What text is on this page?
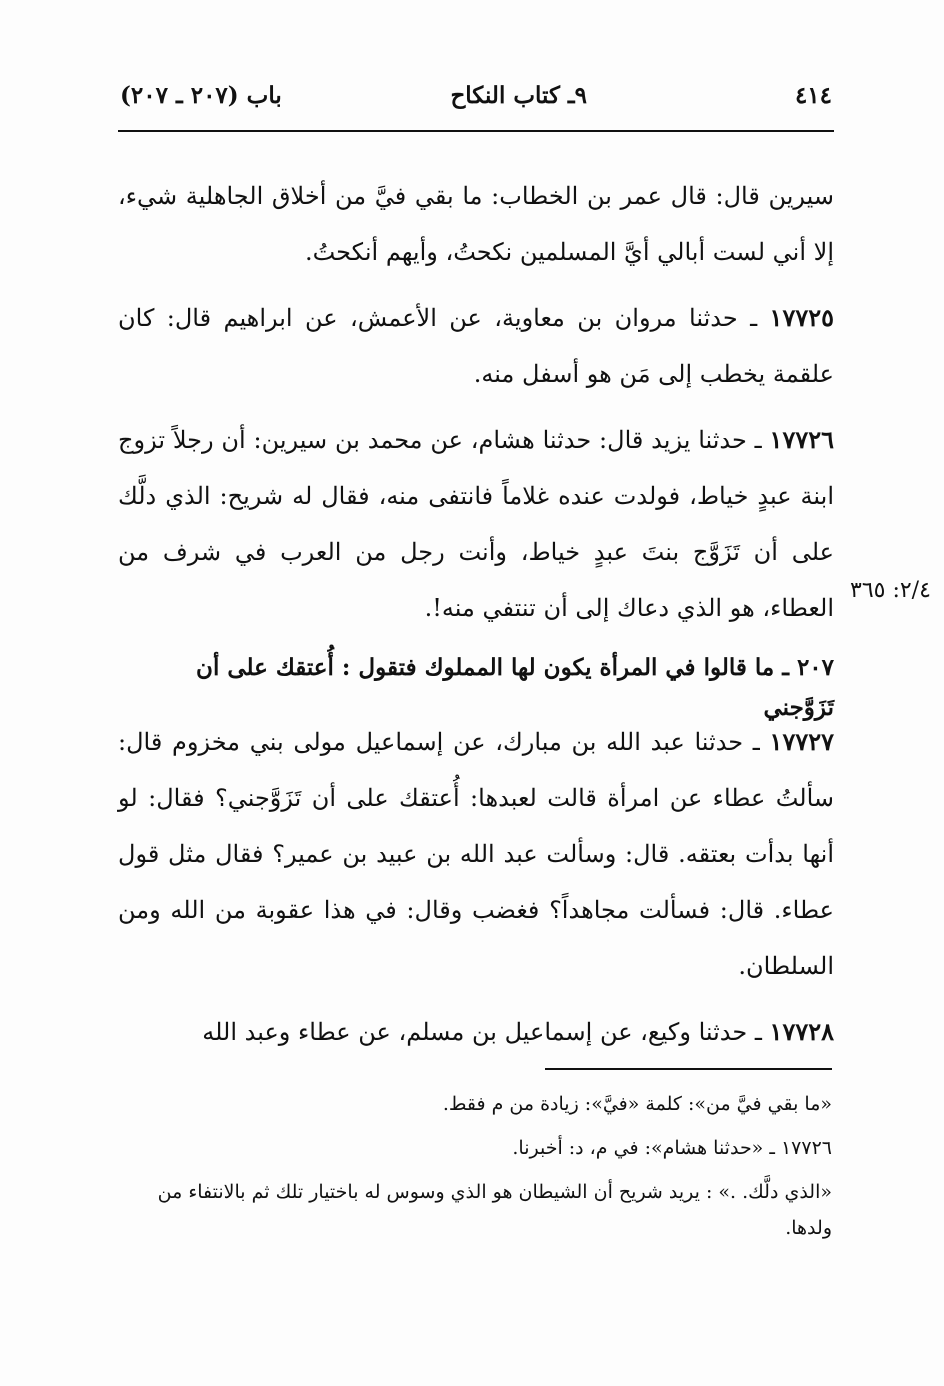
٤١٤
٩ـ كتاب النكاح
باب (٢٠٧ ـ ٢٠٧)

سيرين قال: قال عمر بن الخطاب: ما بقي فيَّ من أخلاق الجاهلية شيء، إلا أني لست أبالي أيَّ المسلمين نكحتُ، وأيهم أنكحتُ.

١٧٧٢٥ ـ حدثنا مروان بن معاوية، عن الأعمش، عن ابراهيم قال: كان علقمة يخطب إلى مَن هو أسفل منه.

١٧٧٢٦ ـ حدثنا يزيد قال: حدثنا هشام، عن محمد بن سيرين: أن رجلاً تزوج ابنة عبدٍ خياط، فولدت عنده غلاماً فانتفى منه، فقال له شريح: الذي دلَّك على أن تَزَوَّج بنتَ عبدٍ خياط، وأنت رجل من العرب في شرف من العطاء، هو الذي دعاك إلى أن تنتفي منه!.

٢/٤: ٣٦٥
٢٠٧ ـ ما قالوا في المرأة يكون لها المملوك فتقول : أُعتقك على أن تَزَوَّجني

١٧٧٢٧ ـ حدثنا عبد الله بن مبارك، عن إسماعيل مولى بني مخزوم قال: سألتُ عطاء عن امرأة قالت لعبدها: أُعتقك على أن تَزَوَّجني؟ فقال: لو أنها بدأت بعتقه. قال: وسألت عبد الله بن عبيد بن عمير؟ فقال مثل قول عطاء. قال: فسألت مجاهداً؟ فغضب وقال: في هذا عقوبة من الله ومن السلطان.

١٧٧٢٨ ـ حدثنا وكيع، عن إسماعيل بن مسلم، عن عطاء وعبد الله

«ما بقي فيَّ من»: كلمة «فيَّ»: زيادة من م فقط.

١٧٧٢٦ ـ «حدثنا هشام»: في م، د: أخبرنا.

«الذي دلَّك. .» : يريد شريح أن الشيطان هو الذي وسوس له باختيار تلك ثم بالانتفاء من ولدها.
